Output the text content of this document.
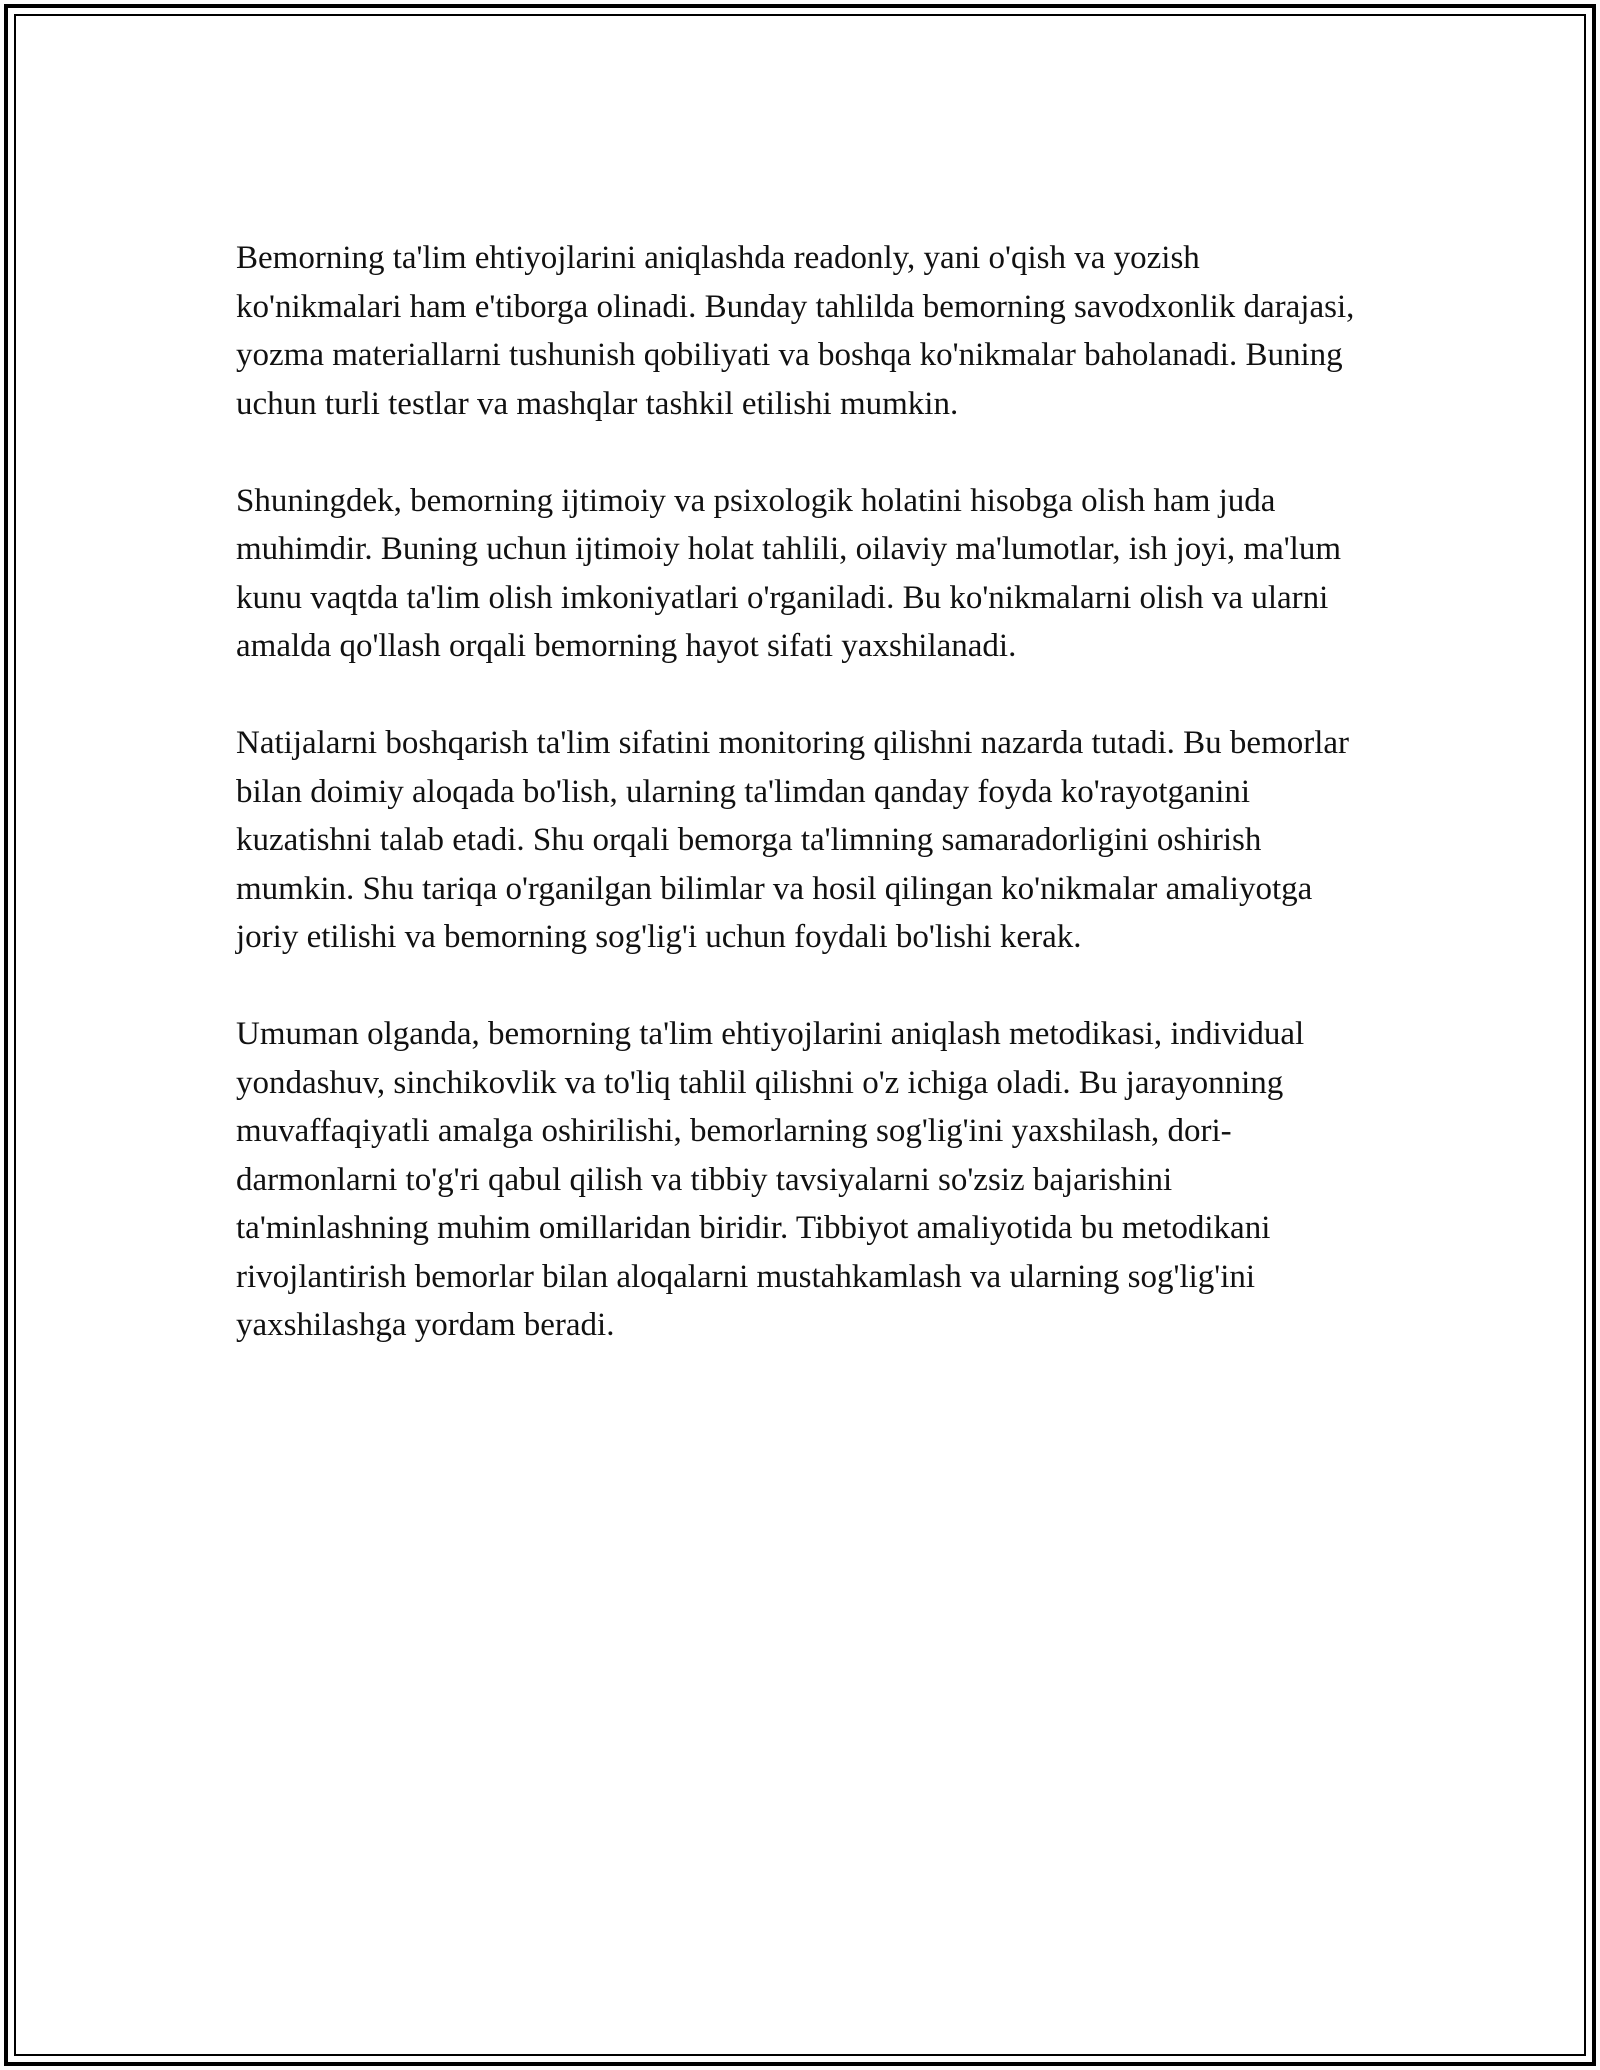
Bemorning ta'lim ehtiyojlarini aniqlashda readonly, yani o'qish va yozish ko'nikmalari ham e'tiborga olinadi. Bunday tahlilda bemorning savodxonlik darajasi, yozma materiallarni tushunish qobiliyati va boshqa ko'nikmalar baholanadi. Buning uchun turli testlar va mashqlar tashkil etilishi mumkin.

Shuningdek, bemorning ijtimoiy va psixologik holatini hisobga olish ham juda muhimdir. Buning uchun ijtimoiy holat tahlili, oilaviy ma'lumotlar, ish joyi, ma'lum kunu vaqtda ta'lim olish imkoniyatlari o'rganiladi. Bu ko'nikmalarni olish va ularni amalda qo'llash orqali bemorning hayot sifati yaxshilanadi.

Natijalarni boshqarish ta'lim sifatini monitoring qilishni nazarda tutadi. Bu bemorlar bilan doimiy aloqada bo'lish, ularning ta'limdan qanday foyda ko'rayotganini kuzatishni talab etadi. Shu orqali bemorga ta'limning samaradorligini oshirish mumkin. Shu tariqa o'rganilgan bilimlar va hosil qilingan ko'nikmalar amaliyotga joriy etilishi va bemorning sog'lig'i uchun foydali bo'lishi kerak.

Umuman olganda, bemorning ta'lim ehtiyojlarini aniqlash metodikasi, individual yondashuv, sinchikovlik va to'liq tahlil qilishni o'z ichiga oladi. Bu jarayonning muvaffaqiyatli amalga oshirilishi, bemorlarning sog'lig'ini yaxshilash, dori-darmonlarni to'g'ri qabul qilish va tibbiy tavsiyalarni so'zsiz bajarishini ta'minlashning muhim omillaridan biridir. Tibbiyot amaliyotida bu metodikani rivojlantirish bemorlar bilan aloqalarni mustahkamlash va ularning sog'lig'ini yaxshilashga yordam beradi.
